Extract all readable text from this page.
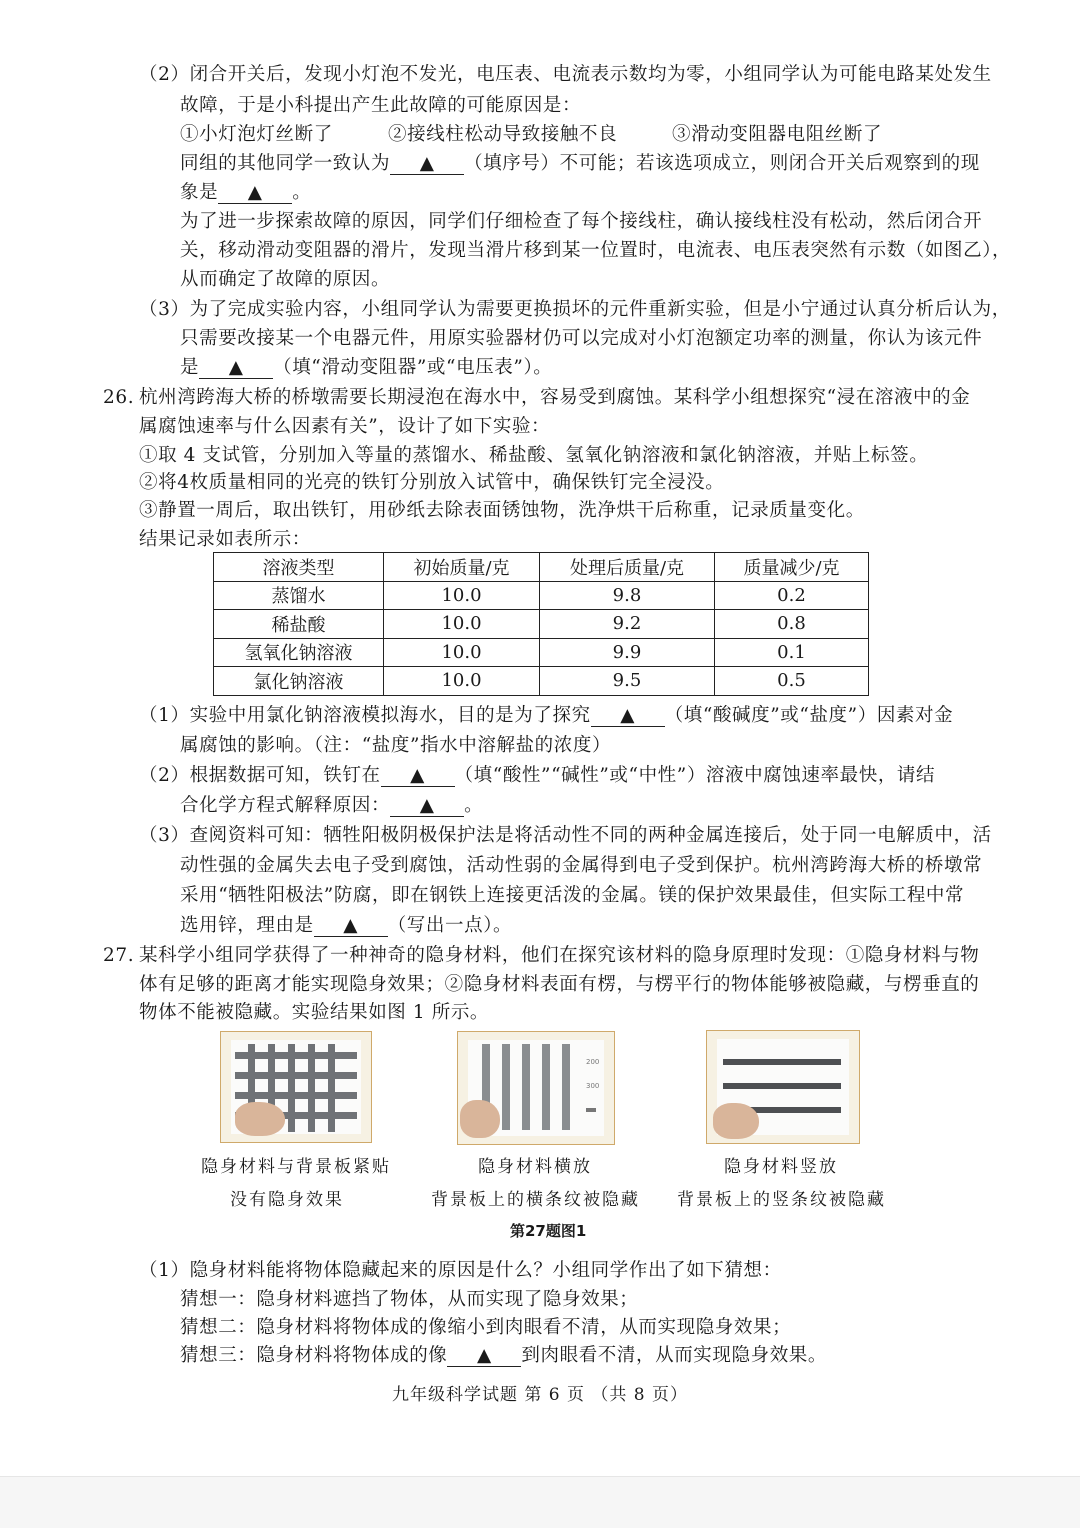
（2）闭合开关后，发现小灯泡不发光，电压表、电流表示数均为零，小组同学认为可能电路某处发生
故障，于是小科提出产生此故障的可能原因是：
①小灯泡灯丝断了	②接线柱松动导致接触不良	③滑动变阻器电阻丝断了
同组的其他同学一致认为 ▲ （填序号）不可能；若该选项成立，则闭合开关后观察到的现
象是 ▲ 。
为了进一步探索故障的原因，同学们仔细检查了每个接线柱，确认接线柱没有松动，然后闭合开
关，移动滑动变阻器的滑片，发现当滑片移到某一位置时，电流表、电压表突然有示数（如图乙），
从而确定了故障的原因。
（3）为了完成实验内容，小组同学认为需要更换损坏的元件重新实验，但是小宁通过认真分析后认为，
只需要改接某一个电器元件，用原实验器材仍可以完成对小灯泡额定功率的测量，你认为该元件
是 ▲ （填“滑动变阻器”或“电压表”）。
26. 杭州湾跨海大桥的桥墩需要长期浸泡在海水中，容易受到腐蚀。某科学小组想探究“浸在溶液中的金
属腐蚀速率与什么因素有关”，设计了如下实验：
①取 4 支试管，分别加入等量的蒸馏水、稀盐酸、氢氧化钠溶液和氯化钠溶液，并贴上标签。
②将4枚质量相同的光亮的铁钉分别放入试管中，确保铁钉完全浸没。
③静置一周后，取出铁钉，用砂纸去除表面锈蚀物，洗净烘干后称重，记录质量变化。
结果记录如表所示：
溶液类型	初始质量/克	处理后质量/克	质量减少/克
蒸馏水	10.0	9.8	0.2
稀盐酸	10.0	9.2	0.8
氢氧化钠溶液	10.0	9.9	0.1
氯化钠溶液	10.0	9.5	0.5
（1）实验中用氯化钠溶液模拟海水，目的是为了探究 ▲ （填“酸碱度”或“盐度”）因素对金
属腐蚀的影响。（注：“盐度”指水中溶解盐的浓度）
（2）根据数据可知，铁钉在 ▲ （填“酸性”“碱性”或“中性”）溶液中腐蚀速率最快，请结
合化学方程式解释原因： ▲ 。
（3）查阅资料可知：牺牲阳极阴极保护法是将活动性不同的两种金属连接后，处于同一电解质中，活
动性强的金属失去电子受到腐蚀，活动性弱的金属得到电子受到保护。杭州湾跨海大桥的桥墩常
采用“牺牲阳极法”防腐，即在钢铁上连接更活泼的金属。镁的保护效果最佳，但实际工程中常
选用锌，理由是 ▲ （写出一点）。
27. 某科学小组同学获得了一种神奇的隐身材料，他们在探究该材料的隐身原理时发现：①隐身材料与物
体有足够的距离才能实现隐身效果；②隐身材料表面有楞，与楞平行的物体能够被隐藏，与楞垂直的
物体不能被隐藏。实验结果如图 1 所示。
200
300
隐身材料与背景板紧贴
没有隐身效果
隐身材料横放
背景板上的横条纹被隐藏
隐身材料竖放
背景板上的竖条纹被隐藏
第27题图1
（1）隐身材料能将物体隐藏起来的原因是什么？小组同学作出了如下猜想：
猜想一：隐身材料遮挡了物体，从而实现了隐身效果；
猜想二：隐身材料将物体成的像缩小到肉眼看不清，从而实现隐身效果；
猜想三：隐身材料将物体成的像 ▲ 到肉眼看不清，从而实现隐身效果。
九年级科学试题 第 6 页 （共 8 页）
